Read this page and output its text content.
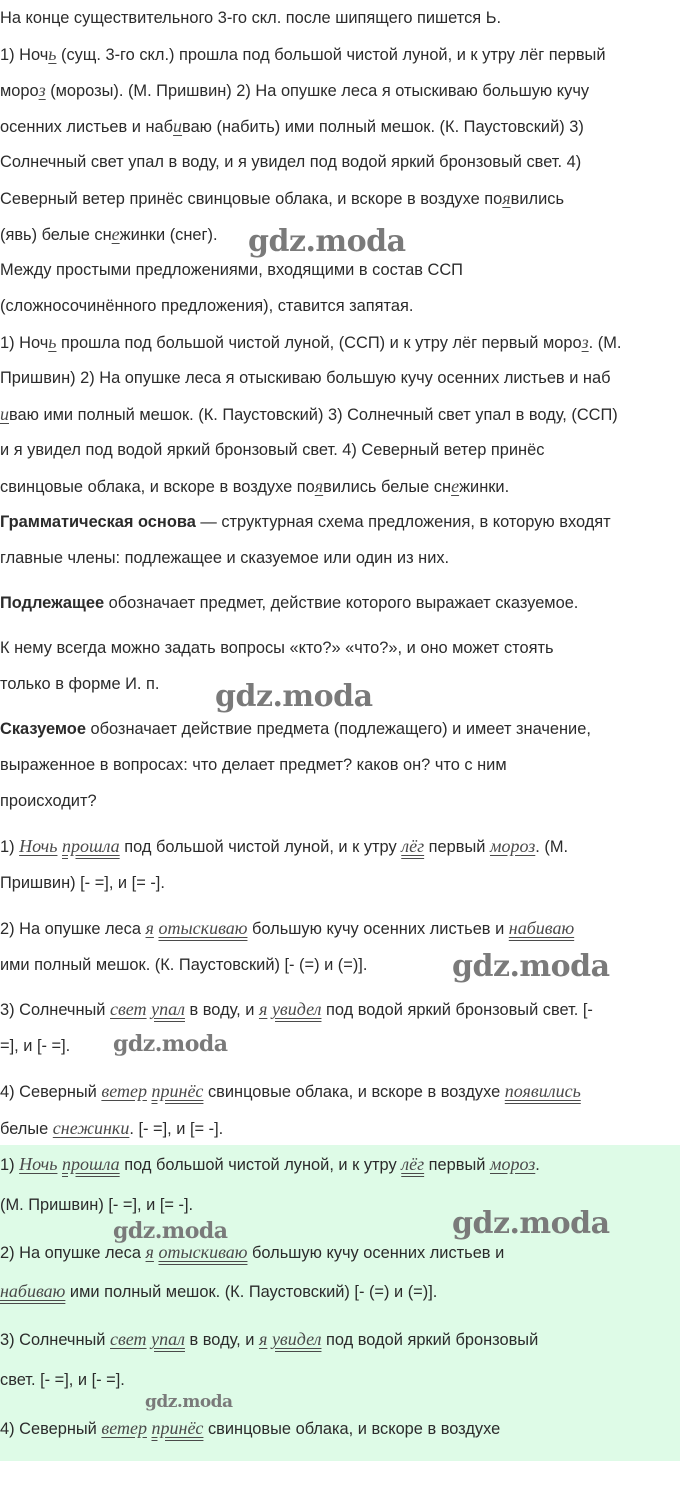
На конце существительного 3-го скл. после шипящего пишется Ь.
1) Ночь (сущ. 3-го скл.) прошла под большой чистой луной, и к утру лёг первый
мороз (морозы). (М. Пришвин) 2) На опушке леса я отыскиваю большую кучу
осенних листьев и набиваю (набить) ими полный мешок. (К. Паустовский) 3)
Солнечный свет упал в воду, и я увидел под водой яркий бронзовый свет. 4)
Северный ветер принёс свинцовые облака, и вскоре в воздухе появились
(явь) белые снежинки (снег).
Между простыми предложениями, входящими в состав ССП
(сложносочинённого предложения), ставится запятая.
1) Ночь прошла под большой чистой луной, (ССП) и к утру лёг первый мороз. (М.
Пришвин) 2) На опушке леса я отыскиваю большую кучу осенних листьев и наб
иваю ими полный мешок. (К. Паустовский) 3) Солнечный свет упал в воду, (ССП)
и я увидел под водой яркий бронзовый свет. 4) Северный ветер принёс
свинцовые облака, и вскоре в воздухе появились белые снежинки.
Грамматическая основа — структурная схема предложения, в которую входят
главные члены: подлежащее и сказуемое или один из них.
Подлежащее обозначает предмет, действие которого выражает сказуемое.
К нему всегда можно задать вопросы «кто?» «что?», и оно может стоять
только в форме И. п.
Сказуемое обозначает действие предмета (подлежащего) и имеет значение,
выраженное в вопросах: что делает предмет? каков он? что с ним
происходит?
1) Ночь прошла под большой чистой луной, и к утру лёг первый мороз. (М.
Пришвин) [- =], и [= -].
2) На опушке леса я отыскиваю большую кучу осенних листьев и набиваю
ими полный мешок. (К. Паустовский) [- (=) и (=)].
3) Солнечный свет упал в воду, и я увидел под водой яркий бронзовый свет. [-
=], и [- =].
4) Северный ветер принёс свинцовые облака, и вскоре в воздухе появились
белые снежинки. [- =], и [= -].
1) Ночь прошла под большой чистой луной, и к утру лёг первый мороз.
(М. Пришвин) [- =], и [= -].
2) На опушке леса я отыскиваю большую кучу осенних листьев и
набиваю ими полный мешок. (К. Паустовский) [- (=) и (=)].
3) Солнечный свет упал в воду, и я увидел под водой яркий бронзовый
свет. [- =], и [- =].
4) Северный ветер принёс свинцовые облака, и вскоре в воздухе
gdz.moda
gdz.moda
gdz.moda
gdz.moda
gdz.moda
gdz.moda
gdz.moda
